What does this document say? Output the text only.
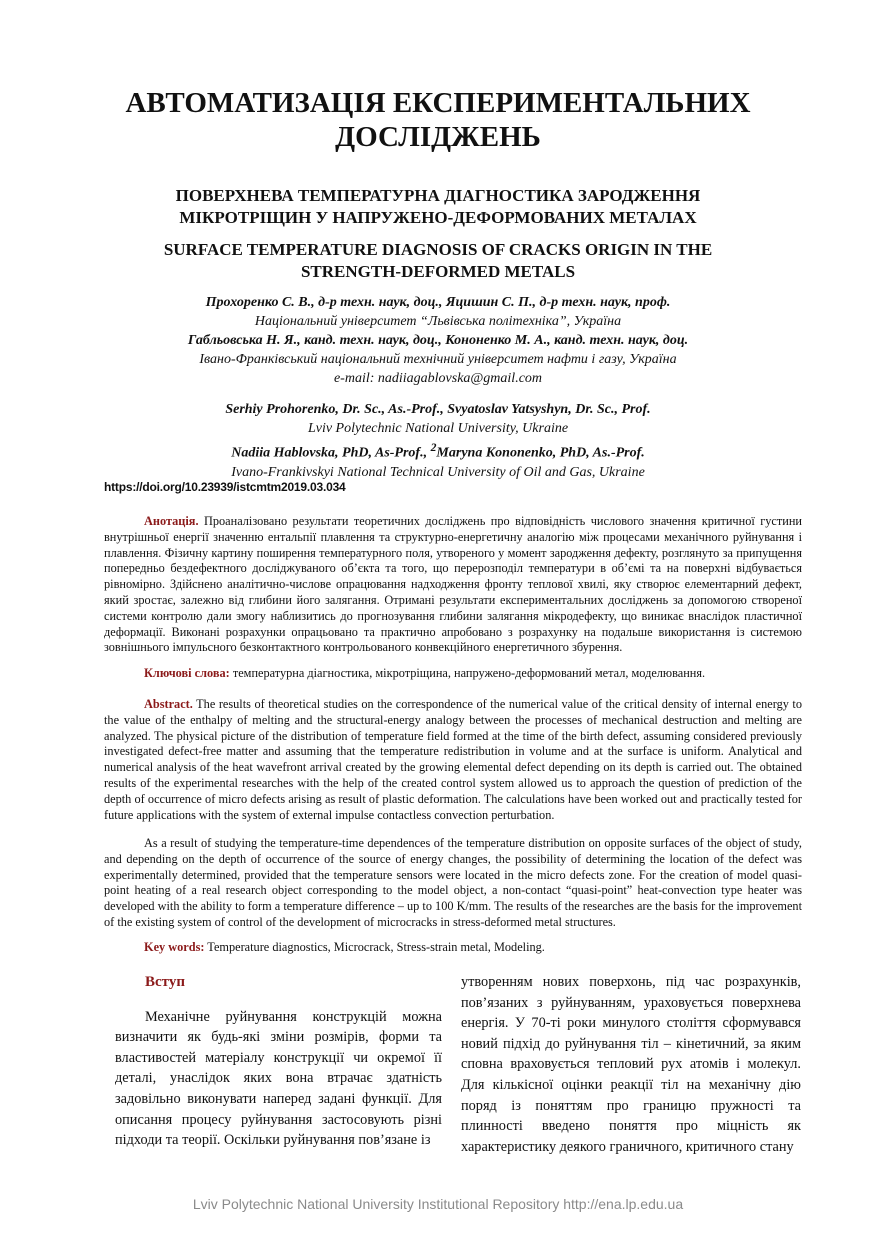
АВТОМАТИЗАЦІЯ ЕКСПЕРИМЕНТАЛЬНИХ ДОСЛІДЖЕНЬ
ПОВЕРХНЕВА ТЕМПЕРАТУРНА ДІАГНОСТИКА ЗАРОДЖЕННЯ МІКРОТРІЩИН У НАПРУЖЕНО-ДЕФОРМОВАНИХ МЕТАЛАХ
SURFACE TEMPERATURE DIAGNOSIS OF CRACKS ORIGIN IN THE STRENGTH-DEFORMED METALS
Прохоренко С. В., д-р техн. наук, доц., Яцишин С. П., д-р техн. наук, проф.
Національний університет “Львівська політехніка”, Україна
Габльовська Н. Я., канд. техн. наук, доц., Кононенко М. А., канд. техн. наук, доц.
Івано-Франківський національний технічний університет нафти і газу, Україна
e-mail: nadiiagablovska@gmail.com
Serhiy Prohorenko, Dr. Sc., As.-Prof., Svyatoslav Yatsyshyn, Dr. Sc., Prof.
Lviv Polytechnic National University, Ukraine
Nadiia Hablovska, PhD, As-Prof., $^2$Maryna Kononenko, PhD, As.-Prof.
Ivano-Frankivskyi National Technical University of Oil and Gas, Ukraine
https://doi.org/10.23939/istcmtm2019.03.034

Анотація. Проаналізовано результати теоретичних досліджень про відповідність числового значення критичної густини внутрішньої енергії значенню ентальпії плавлення та структурно-енергетичну аналогію між процесами механічного руйнування і плавлення. Фізичну картину поширення температурного поля, утвореного у момент зародження дефекту, розглянуто за припущення попередньо бездефектного досліджуваного об’єкта та того, що перерозподіл температури в об’ємі та на поверхні відбувається рівномірно. Здійснено аналітично-числове опрацювання надходження фронту теплової хвилі, яку створює елементарний дефект, який зростає, залежно від глибини його залягання. Отримані результати експериментальних досліджень за допомогою створеної системи контролю дали змогу наблизитись до прогнозування глибини залягання мікродефекту, що виникає внаслідок пластичної деформації. Виконані розрахунки опрацьовано та практично апробовано з розрахунку на подальше використання із системою зовнішнього імпульсного безконтактного контрольованого конвекційного енергетичного збурення.

Ключові слова: температурна діагностика, мікротріщина, напружено-деформований метал, моделювання.

Abstract. The results of theoretical studies on the correspondence of the numerical value of the critical density of internal energy to the value of the enthalpy of melting and the structural-energy analogy between the processes of mechanical destruction and melting are analyzed. The physical picture of the distribution of temperature field formed at the time of the birth defect, assuming considered previously investigated defect-free matter and assuming that the temperature redistribution in volume and at the surface is uniform. Analytical and numerical analysis of the heat wavefront arrival created by the growing elemental defect depending on its depth is carried out. The obtained results of the experimental researches with the help of the created control system allowed us to approach the question of prediction of the depth of occurrence of micro defects arising as result of plastic deformation. The calculations have been worked out and practically tested for future applications with the system of external impulse contactless convection perturbation.

As a result of studying the temperature-time dependences of the temperature distribution on opposite surfaces of the object of study, and depending on the depth of occurrence of the source of energy changes, the possibility of determining the location of the defect was experimentally determined, provided that the temperature sensors were located in the micro defects zone. For the creation of model quasi-point heating of a real research object corresponding to the model object, a non-contact “quasi-point” heat-convection type heater was developed with the ability to form a temperature difference – up to 100 K/mm. The results of the researches are the basis for the improvement of the existing system of control of the development of microcracks in stress-deformed metal structures.

Key words: Temperature diagnostics, Microcrack, Stress-strain metal, Modeling.

Вступ

Механічне руйнування конструкцій можна визначити як будь-які зміни розмірів, форми та властивостей матеріалу конструкції чи окремої її деталі, унаслідок яких вона втрачає здатність задовільно виконувати наперед задані функції. Для описання процесу руйнування застосовують різні підходи та теорії. Оскільки руйнування пов’язане із

утворенням нових поверхонь, під час розрахунків, пов’язаних з руйнуванням, ураховується поверхнева енергія. У 70-ті роки минулого століття сформувався новий підхід до руйнування тіл – кінетичний, за яким сповна враховується тепловий рух атомів і молекул. Для кількісної оцінки реакції тіл на механічну дію поряд із поняттям про границю пружності та плинності введено поняття про міцність як характеристику деякого граничного, критичного стану

Lviv Polytechnic National University Institutional Repository http://ena.lp.edu.ua
